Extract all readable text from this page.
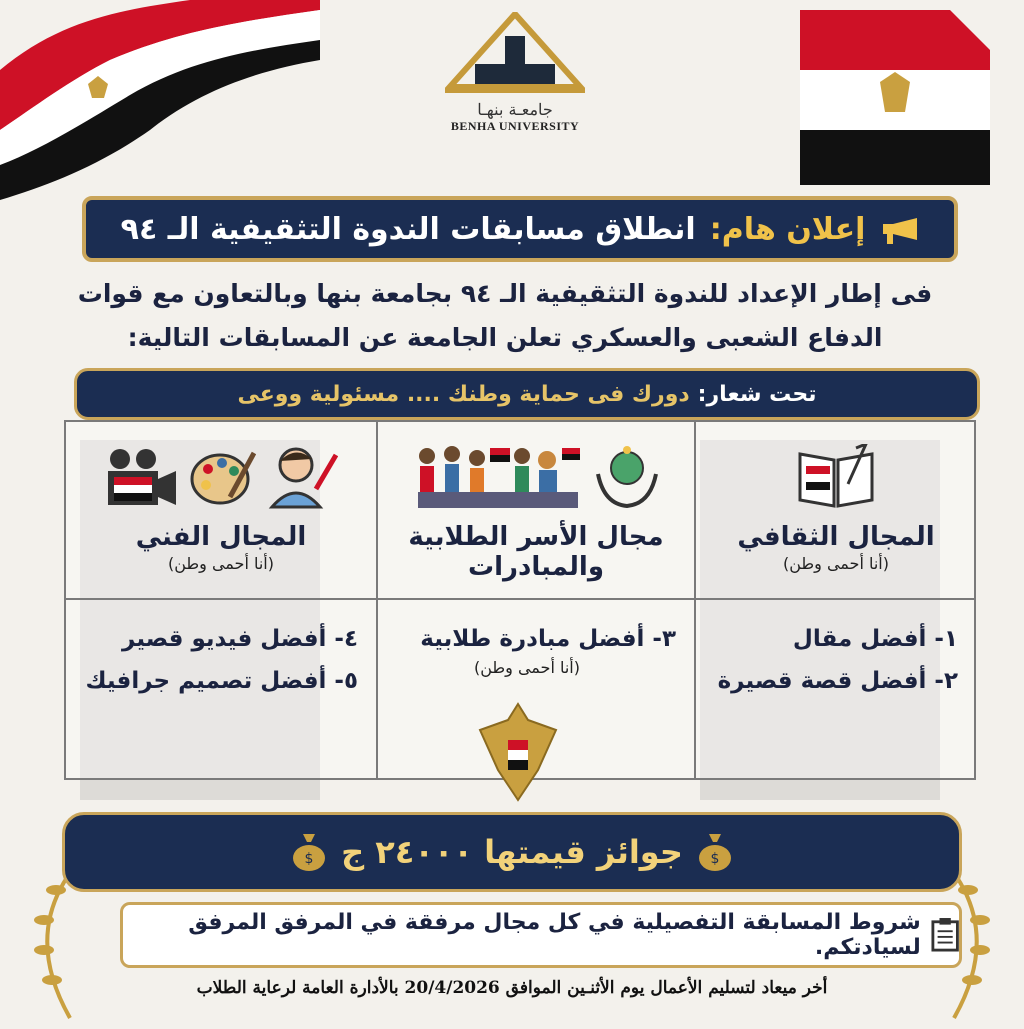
جامعـة بنهـا
BENHA UNIVERSITY
إعلان هام:
انطلاق مسابقات الندوة التثقيفية الـ ٩٤
فى إطار الإعداد للندوة التثقيفية الـ ٩٤ بجامعة بنها وبالتعاون مع قوات
الدفاع الشعبى والعسكري تعلن الجامعة عن المسابقات التالية:
تحت شعار:
دورك فى حماية وطنك .... مسئولية ووعى
المجال الثقافي
(أنا أحمى وطن)
١- أفضل مقال
٢- أفضل قصة قصيرة
مجال الأسر الطلابية
والمبادرات
٣- أفضل مبادرة طلابية
(أنا أحمى وطن)
المجال الفني
(أنا أحمى وطن)
٤- أفضل فيديو قصير
٥- أفضل تصميم جرافيك
$
جوائز قيمتها ٢٤٠٠٠ ج
$
شروط المسابقة التفصيلية في كل مجال مرفقة في المرفق المرفق لسيادتكم.
أخر ميعاد لتسليم الأعمال يوم الأثنـين الموافق 20/4/2026 بالأدارة العامة لرعاية الطلاب
